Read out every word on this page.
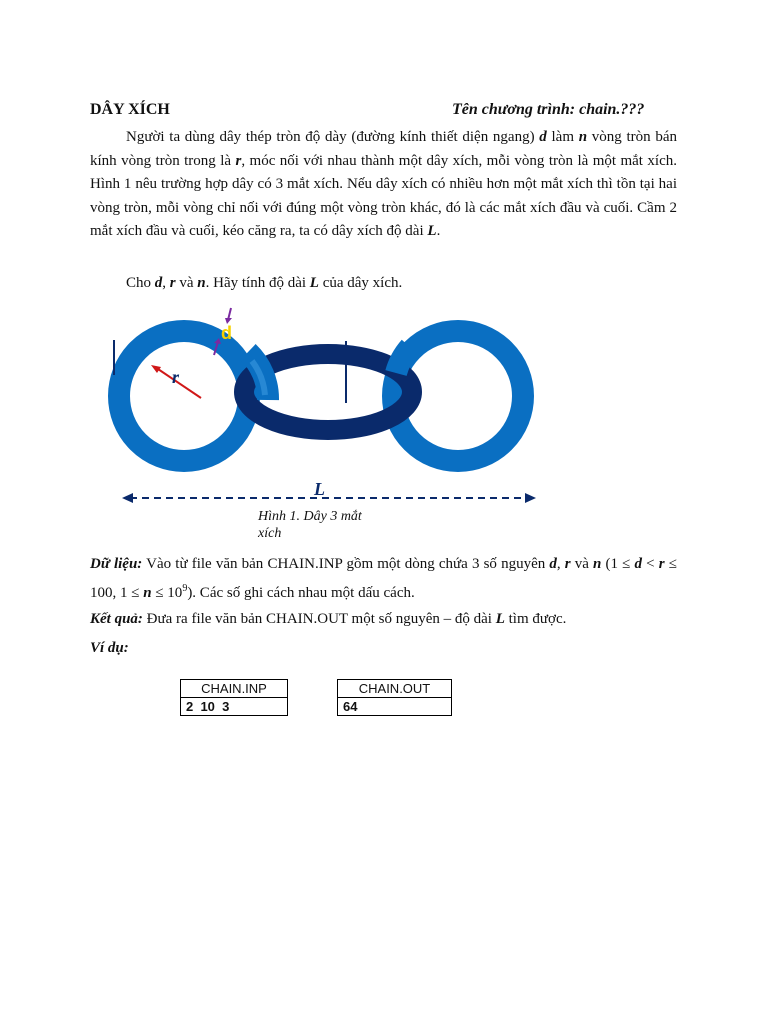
DÂY XÍCH	Tên chương trình: chain.???
Người ta dùng dây thép tròn độ dày (đường kính thiết diện ngang) d làm n vòng tròn bán kính vòng tròn trong là r, móc nối với nhau thành một dây xích, mỗi vòng tròn là một mắt xích. Hình 1 nêu trường hợp dây có 3 mắt xích. Nếu dây xích có nhiều hơn một mắt xích thì tồn tại hai vòng tròn, mỗi vòng chỉ nối với đúng một vòng tròn khác, đó là các mắt xích đầu và cuối. Cầm 2 mắt xích đầu và cuối, kéo căng ra, ta có dây xích độ dài L.
Cho d, r và n. Hãy tính độ dài L của dây xích.
r
d
L
Hình 1. Dây 3 mắt xích
Dữ liệu: Vào từ file văn bản CHAIN.INP gồm một dòng chứa 3 số nguyên d, r và n (1 ≤ d < r ≤ 100, $1 \le n \le 10^9$). Các số ghi cách nhau một dấu cách.
Kết quả: Đưa ra file văn bản CHAIN.OUT một số nguyên – độ dài L tìm được.
Ví dụ:
CHAIN.INP
2  10  3
CHAIN.OUT
64
